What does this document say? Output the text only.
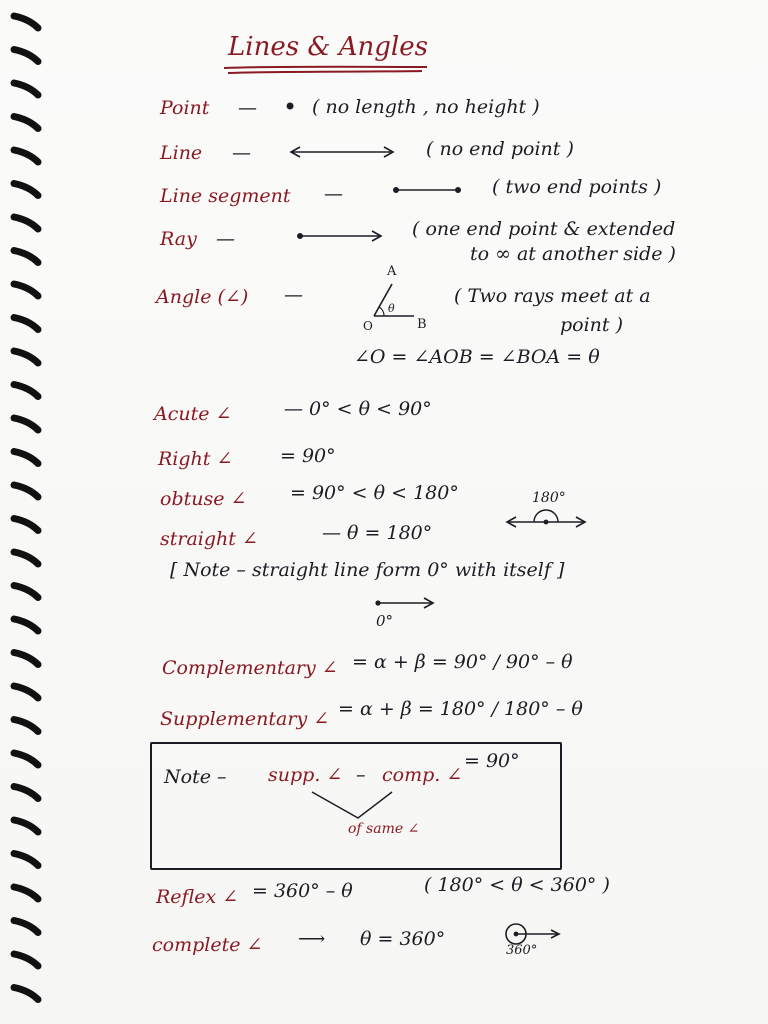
Lines & Angles
Point — • ( no length , no height )
Line —	( no end point )
Line segment —	( two end points )
Ray —	( one end point & extended
to ∞ at another side )
Angle (∠) —
A
O	B
θ
( Two rays meet at a
point )
∠O = ∠AOB = ∠BOA = θ
Acute ∠	— 0° < θ < 90°
Right ∠	= 90°
obtuse ∠ = 90° < θ < 180°
straight ∠	— θ = 180°
180°
[ Note – straight line form 0° with itself ]
0°
Complementary ∠ = α + β = 90° / 90° – θ
Supplementary ∠ = α + β = 180° / 180° – θ
Note – supp. ∠ – comp. ∠
= 90°
of same ∠
Reflex ∠ = 360° – θ	( 180° < θ < 360° )
complete ∠ ⟶ θ = 360°
360°
